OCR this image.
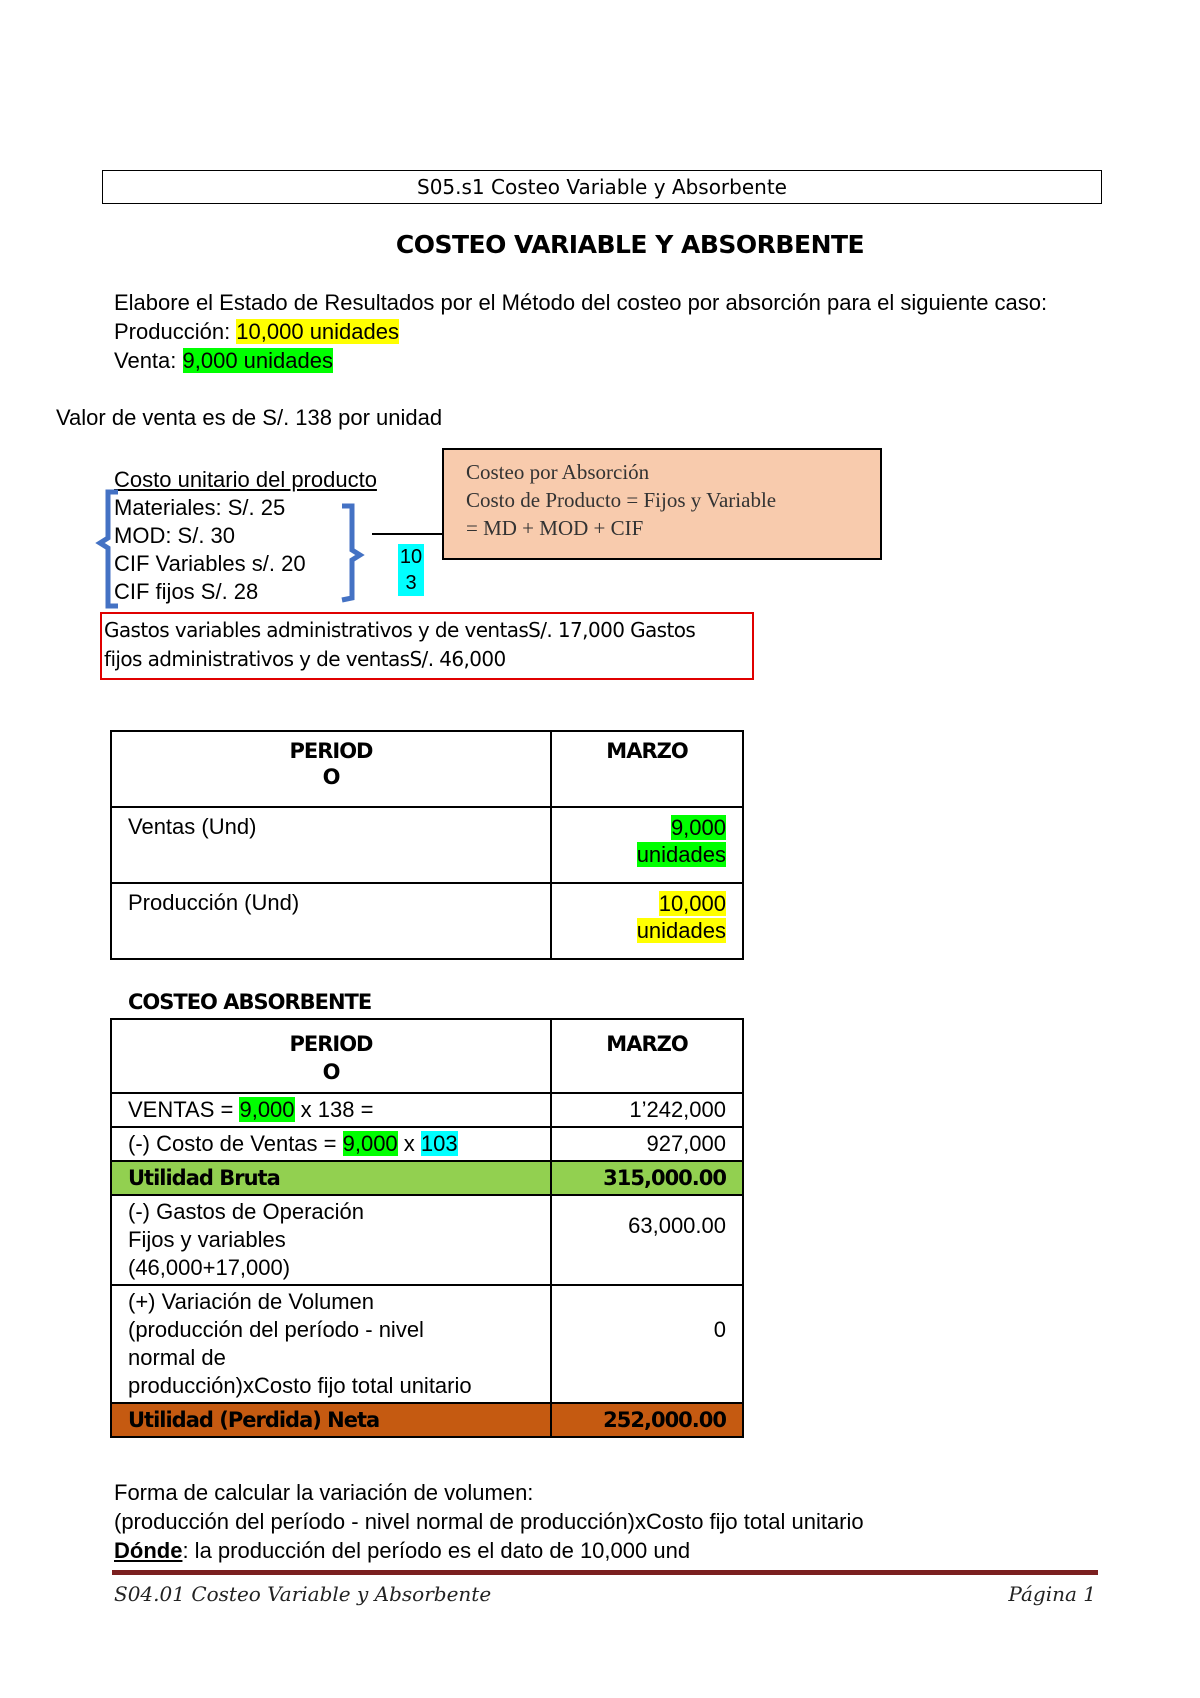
S05.s1 Costeo Variable y Absorbente
COSTEO VARIABLE Y ABSORBENTE

Elabore el Estado de Resultados por el Método del costeo por absorción para el siguiente caso:

Producción: 10,000 unidades

Venta: 9,000 unidades

Valor de venta es de S/. 138 por unidad
Costo unitario del producto
Materiales: S/. 25
MOD: S/. 30
CIF Variables s/. 20
CIF fijos S/. 28
10
3
Costeo por Absorción
Costo de Producto = Fijos y Variable
= MD + MOD + CIF
Gastos variables administrativos y de ventasS/. 17,000 Gastos
fijos administrativos y de ventasS/. 46,000
PERIOD
O	MARZO
Ventas (Und)	9,000
unidades
Producción (Und)	10,000
unidades
COSTEO ABSORBENTE
PERIOD
O	MARZO
VENTAS = 9,000 x 138 =	1’242,000
(-) Costo de Ventas = 9,000 x 103	927,000
Utilidad Bruta	315,000.00

(-) Gastos de Operación
Fijos y variables
(46,000+17,000)	63,000.00

(+) Variación de Volumen
(producción del período - nivel
normal de
producción)xCosto fijo total unitario	0
Utilidad (Perdida) Neta	252,000.00

Forma de calcular la variación de volumen:

(producción del período - nivel normal de producción)xCosto fijo total unitario

Dónde: la producción del período es el dato de 10,000 und

S04.01 Costeo Variable y Absorbente	Página 1
